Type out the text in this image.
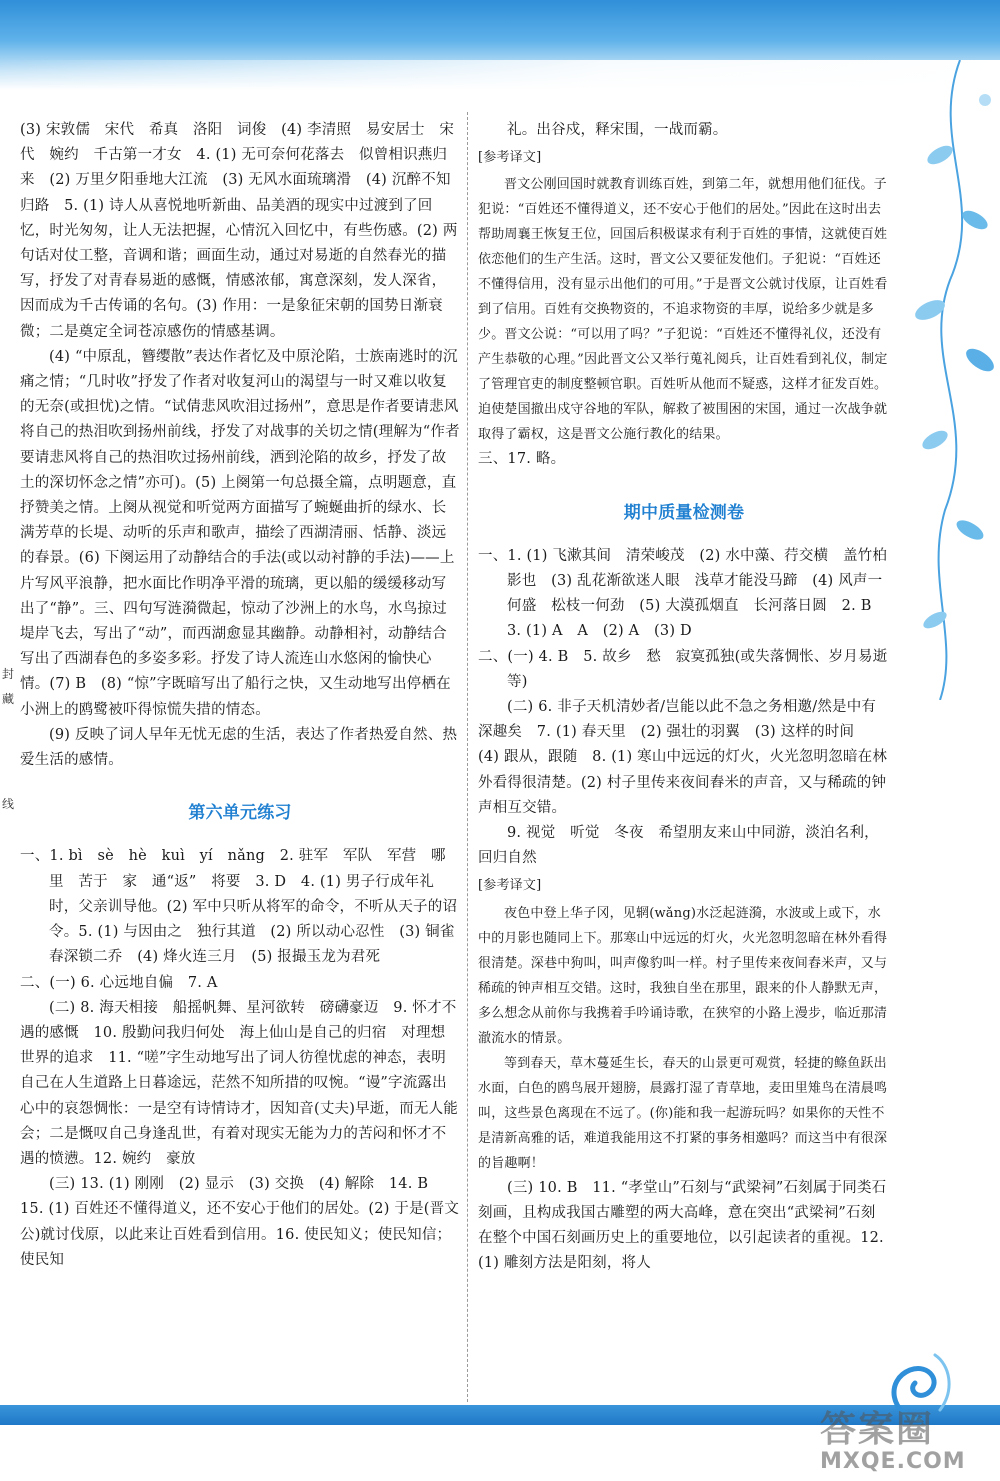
封
藏
线

(3) 宋敦儒　宋代　希真　洛阳　词俊　(4) 李清照　易安居士　宋代　婉约　千古第一才女　4. (1) 无可奈何花落去　似曾相识燕归来　(2) 万里夕阳垂地大江流　(3) 无风水面琉璃滑　(4) 沉醉不知归路　5. (1) 诗人从喜悦地听新曲、品美酒的现实中过渡到了回忆，时光匆匆，让人无法把握，心情沉入回忆中，有些伤感。(2) 两句话对仗工整，音调和谐；画面生动，通过对易逝的自然春光的描写，抒发了对青春易逝的感慨，情感浓郁，寓意深刻，发人深省，因而成为千古传诵的名句。(3) 作用：一是象征宋朝的国势日渐衰微；二是奠定全词苍凉感伤的情感基调。

(4) “中原乱，簪缨散”表达作者忆及中原沦陷，士族南逃时的沉痛之情；“几时收”抒发了作者对收复河山的渴望与一时又难以收复的无奈(或担忧)之情。“试倩悲风吹泪过扬州”，意思是作者要请悲风将自己的热泪吹到扬州前线，抒发了对战事的关切之情(理解为“作者要请悲风将自己的热泪吹过扬州前线，洒到沦陷的故乡，抒发了故土的深切怀念之情”亦可)。(5) 上阕第一句总摄全篇，点明题意，直抒赞美之情。上阕从视觉和听觉两方面描写了蜿蜒曲折的绿水、长满芳草的长堤、动听的乐声和歌声，描绘了西湖清丽、恬静、淡远的春景。(6) 下阕运用了动静结合的手法(或以动衬静的手法)——上片写风平浪静，把水面比作明净平滑的琉璃，更以船的缓缓移动写出了“静”。三、四句写涟漪微起，惊动了沙洲上的水鸟，水鸟掠过堤岸飞去，写出了“动”，而西湖愈显其幽静。动静相衬，动静结合写出了西湖春色的多姿多彩。抒发了诗人流连山水悠闲的愉快心情。(7) B　(8) “惊”字既暗写出了船行之快，又生动地写出停栖在小洲上的鸥鹭被吓得惊慌失措的情态。

(9) 反映了词人早年无忧无虑的生活，表达了作者热爱自然、热爱生活的感情。

第六单元练习

一、1. bì　sè　hè　kuì　yí　nǎng　2. 驻军　军队　军营　哪里　苦于　家　通“返”　将要　3. D　4. (1) 男子行成年礼时，父亲训导他。(2) 军中只听从将军的命令，不听从天子的诏令。5. (1) 与因由之　独行其道　(2) 所以动心忍性　(3) 铜雀春深锁二乔　(4) 烽火连三月　(5) 报撮玉龙为君死

二、(一) 6. 心远地自偏　7. A

(二) 8. 海天相接　船摇帆舞、星河欲转　磅礴豪迈　9. 怀才不遇的感慨　10. 殷勤问我归何处　海上仙山是自己的归宿　对理想世界的追求　11. “嗟”字生动地写出了词人彷徨忧虑的神态，表明自己在人生道路上日暮途远，茫然不知所措的叹惋。“谩”字流露出心中的哀怨惆怅：一是空有诗情诗才，因知音(丈夫)早逝，而无人能会；二是慨叹自己身逢乱世，有着对现实无能为力的苦闷和怀才不遇的愤懑。12. 婉约　豪放

(三) 13. (1) 刚刚　(2) 显示　(3) 交换　(4) 解除　14. B　15. (1) 百姓还不懂得道义，还不安心于他们的居处。(2) 于是(晋文公)就讨伐原，以此来让百姓看到信用。16. 使民知义；使民知信；使民知

礼。出谷戍，释宋围，一战而霸。

[参考译文]

晋文公刚回国时就教育训练百姓，到第二年，就想用他们征伐。子犯说：“百姓还不懂得道义，还不安心于他们的居处。”因此在这时出去帮助周襄王恢复王位，回国后积极谋求有利于百姓的事情，这就使百姓依恋他们的生产生活。这时，晋文公又要征发他们。子犯说：“百姓还不懂得信用，没有显示出他们的可用。”于是晋文公就讨伐原，让百姓看到了信用。百姓有交换物资的，不追求物资的丰厚，说给多少就是多少。晋文公说：“可以用了吗？”子犯说：“百姓还不懂得礼仪，还没有产生恭敬的心理。”因此晋文公又举行蒐礼阅兵，让百姓看到礼仪，制定了管理官吏的制度整顿官职。百姓听从他而不疑惑，这样才征发百姓。迫使楚国撤出戍守谷地的军队，解救了被围困的宋国，通过一次战争就取得了霸权，这是晋文公施行教化的结果。

三、17. 略。

期中质量检测卷

一、1. (1) 飞漱其间　清荣峻茂　(2) 水中藻、荇交横　盖竹柏影也　(3) 乱花渐欲迷人眼　浅草才能没马蹄　(4) 风声一何盛　松枝一何劲　(5) 大漠孤烟直　长河落日圆　2. B　3. (1) A　A　(2) A　(3) D

二、(一) 4. B　5. 故乡　愁　寂寞孤独(或失落惆怅、岁月易逝等)

(二) 6. 非子天机清妙者/岂能以此不急之务相邀/然是中有深趣矣　7. (1) 春天里　(2) 强壮的羽翼　(3) 这样的时间　(4) 跟从，跟随　8. (1) 寒山中远远的灯火，火光忽明忽暗在林外看得很清楚。(2) 村子里传来夜间舂米的声音，又与稀疏的钟声相互交错。

9. 视觉　听觉　冬夜　希望朋友来山中同游，淡泊名利，回归自然

[参考译文]

夜色中登上华子冈，见辋(wǎng)水泛起涟漪，水波或上或下，水中的月影也随同上下。那寒山中远远的灯火，火光忽明忽暗在林外看得很清楚。深巷中狗叫，叫声像豹叫一样。村子里传来夜间舂米声，又与稀疏的钟声相互交错。这时，我独自坐在那里，跟来的仆人静默无声，多么想念从前你与我携着手吟诵诗歌，在狭窄的小路上漫步，临近那清澈流水的情景。

等到春天，草木蔓延生长，春天的山景更可观赏，轻捷的鲦鱼跃出水面，白色的鸥鸟展开翅膀，晨露打湿了青草地，麦田里雉鸟在清晨鸣叫，这些景色离现在不远了。(你)能和我一起游玩吗？如果你的天性不是清新高雅的话，难道我能用这不打紧的事务相邀吗？而这当中有很深的旨趣啊！

(三) 10. B　11. “孝堂山”石刻与“武梁祠”石刻属于同类石刻画，且构成我国古雕塑的两大高峰，意在突出“武梁祠”石刻在整个中国石刻画历史上的重要地位，以引起读者的重视。12. (1) 雕刻方法是阳刻，将人

答案圈
MXQE.COM
